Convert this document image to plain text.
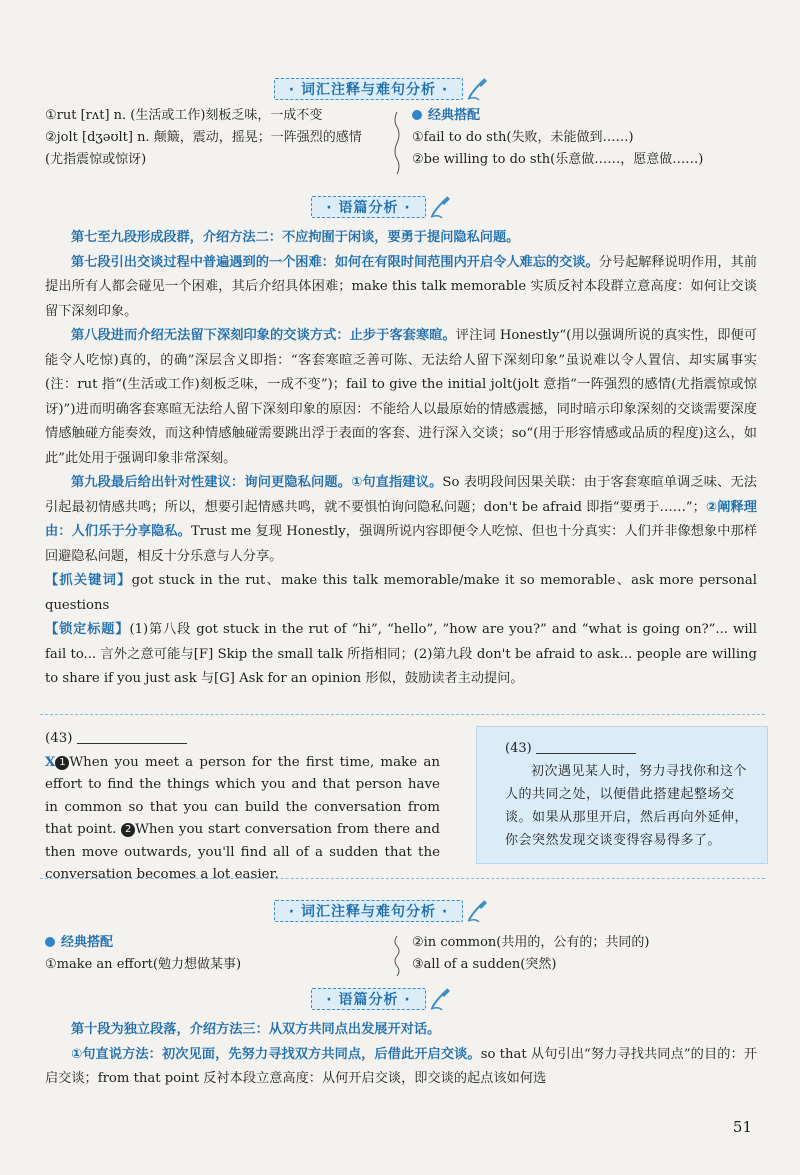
· 词汇注释与难句分析 ·
①rut [rʌt] n. (生活或工作)刻板乏味，一成不变
②jolt [dʒəʊlt] n. 颠簸，震动，摇晃；一阵强烈的感情
(尤指震惊或惊讶)
经典搭配
①fail to do sth(失败，未能做到……)
②be willing to do sth(乐意做……，愿意做……)
· 语篇分析 ·
第七至九段形成段群，介绍方法二：不应拘囿于闲谈，要勇于提问隐私问题。
第七段引出交谈过程中普遍遇到的一个困难：如何在有限时间范围内开启令人难忘的交谈。分号起解释说明作用，其前提出所有人都会碰见一个困难，其后介绍具体困难；make this talk memorable 实质反衬本段群立意高度：如何让交谈留下深刻印象。
第八段进而介绍无法留下深刻印象的交谈方式：止步于客套寒暄。评注词 Honestly“(用以强调所说的真实性，即便可能令人吃惊)真的，的确”深层含义即指：“客套寒暄乏善可陈、无法给人留下深刻印象”虽说难以令人置信、却实属事实(注：rut 指“(生活或工作)刻板乏味，一成不变”)；fail to give the initial jolt(jolt 意指“一阵强烈的感情(尤指震惊或惊讶)”)进而明确客套寒暄无法给人留下深刻印象的原因：不能给人以最原始的情感震撼，同时暗示印象深刻的交谈需要深度情感触碰方能奏效，而这种情感触碰需要跳出浮于表面的客套、进行深入交谈；so“(用于形容情感或品质的程度)这么，如此”此处用于强调印象非常深刻。
第九段最后给出针对性建议：询问更隐私问题。①句直指建议。So 表明段间因果关联：由于客套寒暄单调乏味、无法引起最初情感共鸣；所以，想要引起情感共鸣，就不要惧怕询问隐私问题；don't be afraid 即指“要勇于……”；②阐释理由：人们乐于分享隐私。Trust me 复现 Honestly，强调所说内容即便令人吃惊、但也十分真实：人们并非像想象中那样回避隐私问题，相反十分乐意与人分享。
【抓关键词】got stuck in the rut、make this talk memorable/make it so memorable、ask more personal questions
【锁定标题】(1)第八段 got stuck in the rut of “hi”, “hello”, ”how are you?” and “what is going on?”... will fail to... 言外之意可能与[F] Skip the small talk 所指相同；(2)第九段 don't be afraid to ask... people are willing to share if you just ask 与[G] Ask for an opinion 形似，鼓励读者主动提问。
(43)
X 1 When you meet a person for the first time, make an effort to find the things which you and that person have in common so that you can build the conversation from that point. 2 When you start conversation from there and then move outwards, you'll find all of a sudden that the conversation becomes a lot easier.
(43)
初次遇见某人时，努力寻找你和这个人的共同之处，以便借此搭建起整场交谈。如果从那里开启，然后再向外延伸，你会突然发现交谈变得容易得多了。
· 词汇注释与难句分析 ·
经典搭配
①make an effort(勉力想做某事)
②in common(共用的，公有的；共同的)
③all of a sudden(突然)
· 语篇分析 ·
第十段为独立段落，介绍方法三：从双方共同点出发展开对话。
①句直说方法：初次见面，先努力寻找双方共同点，后借此开启交谈。so that 从句引出“努力寻找共同点”的目的：开启交谈；from that point 反衬本段立意高度：从何开启交谈，即交谈的起点该如何选
51
